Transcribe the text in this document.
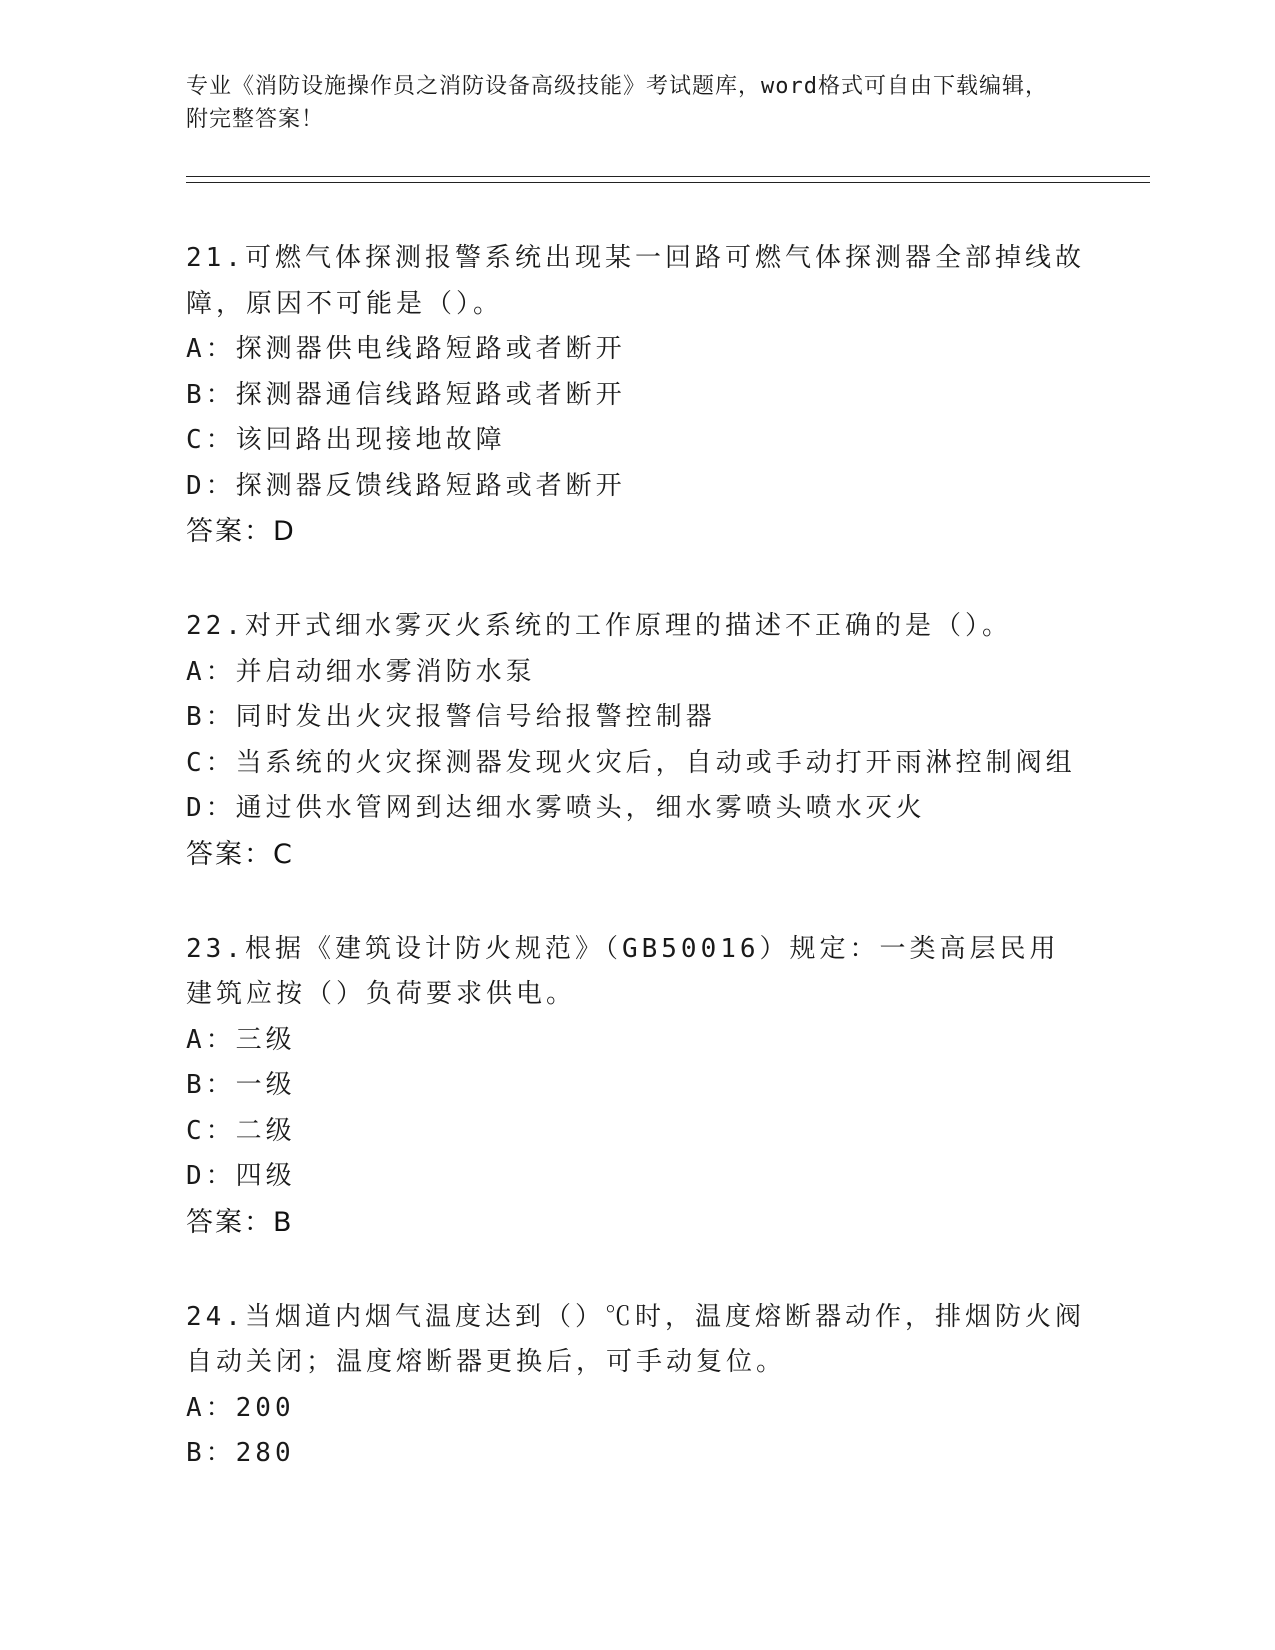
专业《消防设施操作员之消防设备高级技能》考试题库，word格式可自由下载编辑，附完整答案！
21.可燃气体探测报警系统出现某一回路可燃气体探测器全部掉线故障，原因不可能是（）。
A：探测器供电线路短路或者断开
B：探测器通信线路短路或者断开
C：该回路出现接地故障
D：探测器反馈线路短路或者断开
答案：D
22.对开式细水雾灭火系统的工作原理的描述不正确的是（）。
A：并启动细水雾消防水泵
B：同时发出火灾报警信号给报警控制器
C：当系统的火灾探测器发现火灾后，自动或手动打开雨淋控制阀组
D：通过供水管网到达细水雾喷头，细水雾喷头喷水灭火
答案：C
23.根据《建筑设计防火规范》（GB50016）规定：一类高层民用建筑应按（）负荷要求供电。
A：三级
B：一级
C：二级
D：四级
答案：B
24.当烟道内烟气温度达到（）℃时，温度熔断器动作，排烟防火阀自动关闭；温度熔断器更换后，可手动复位。
A：200
B：280
